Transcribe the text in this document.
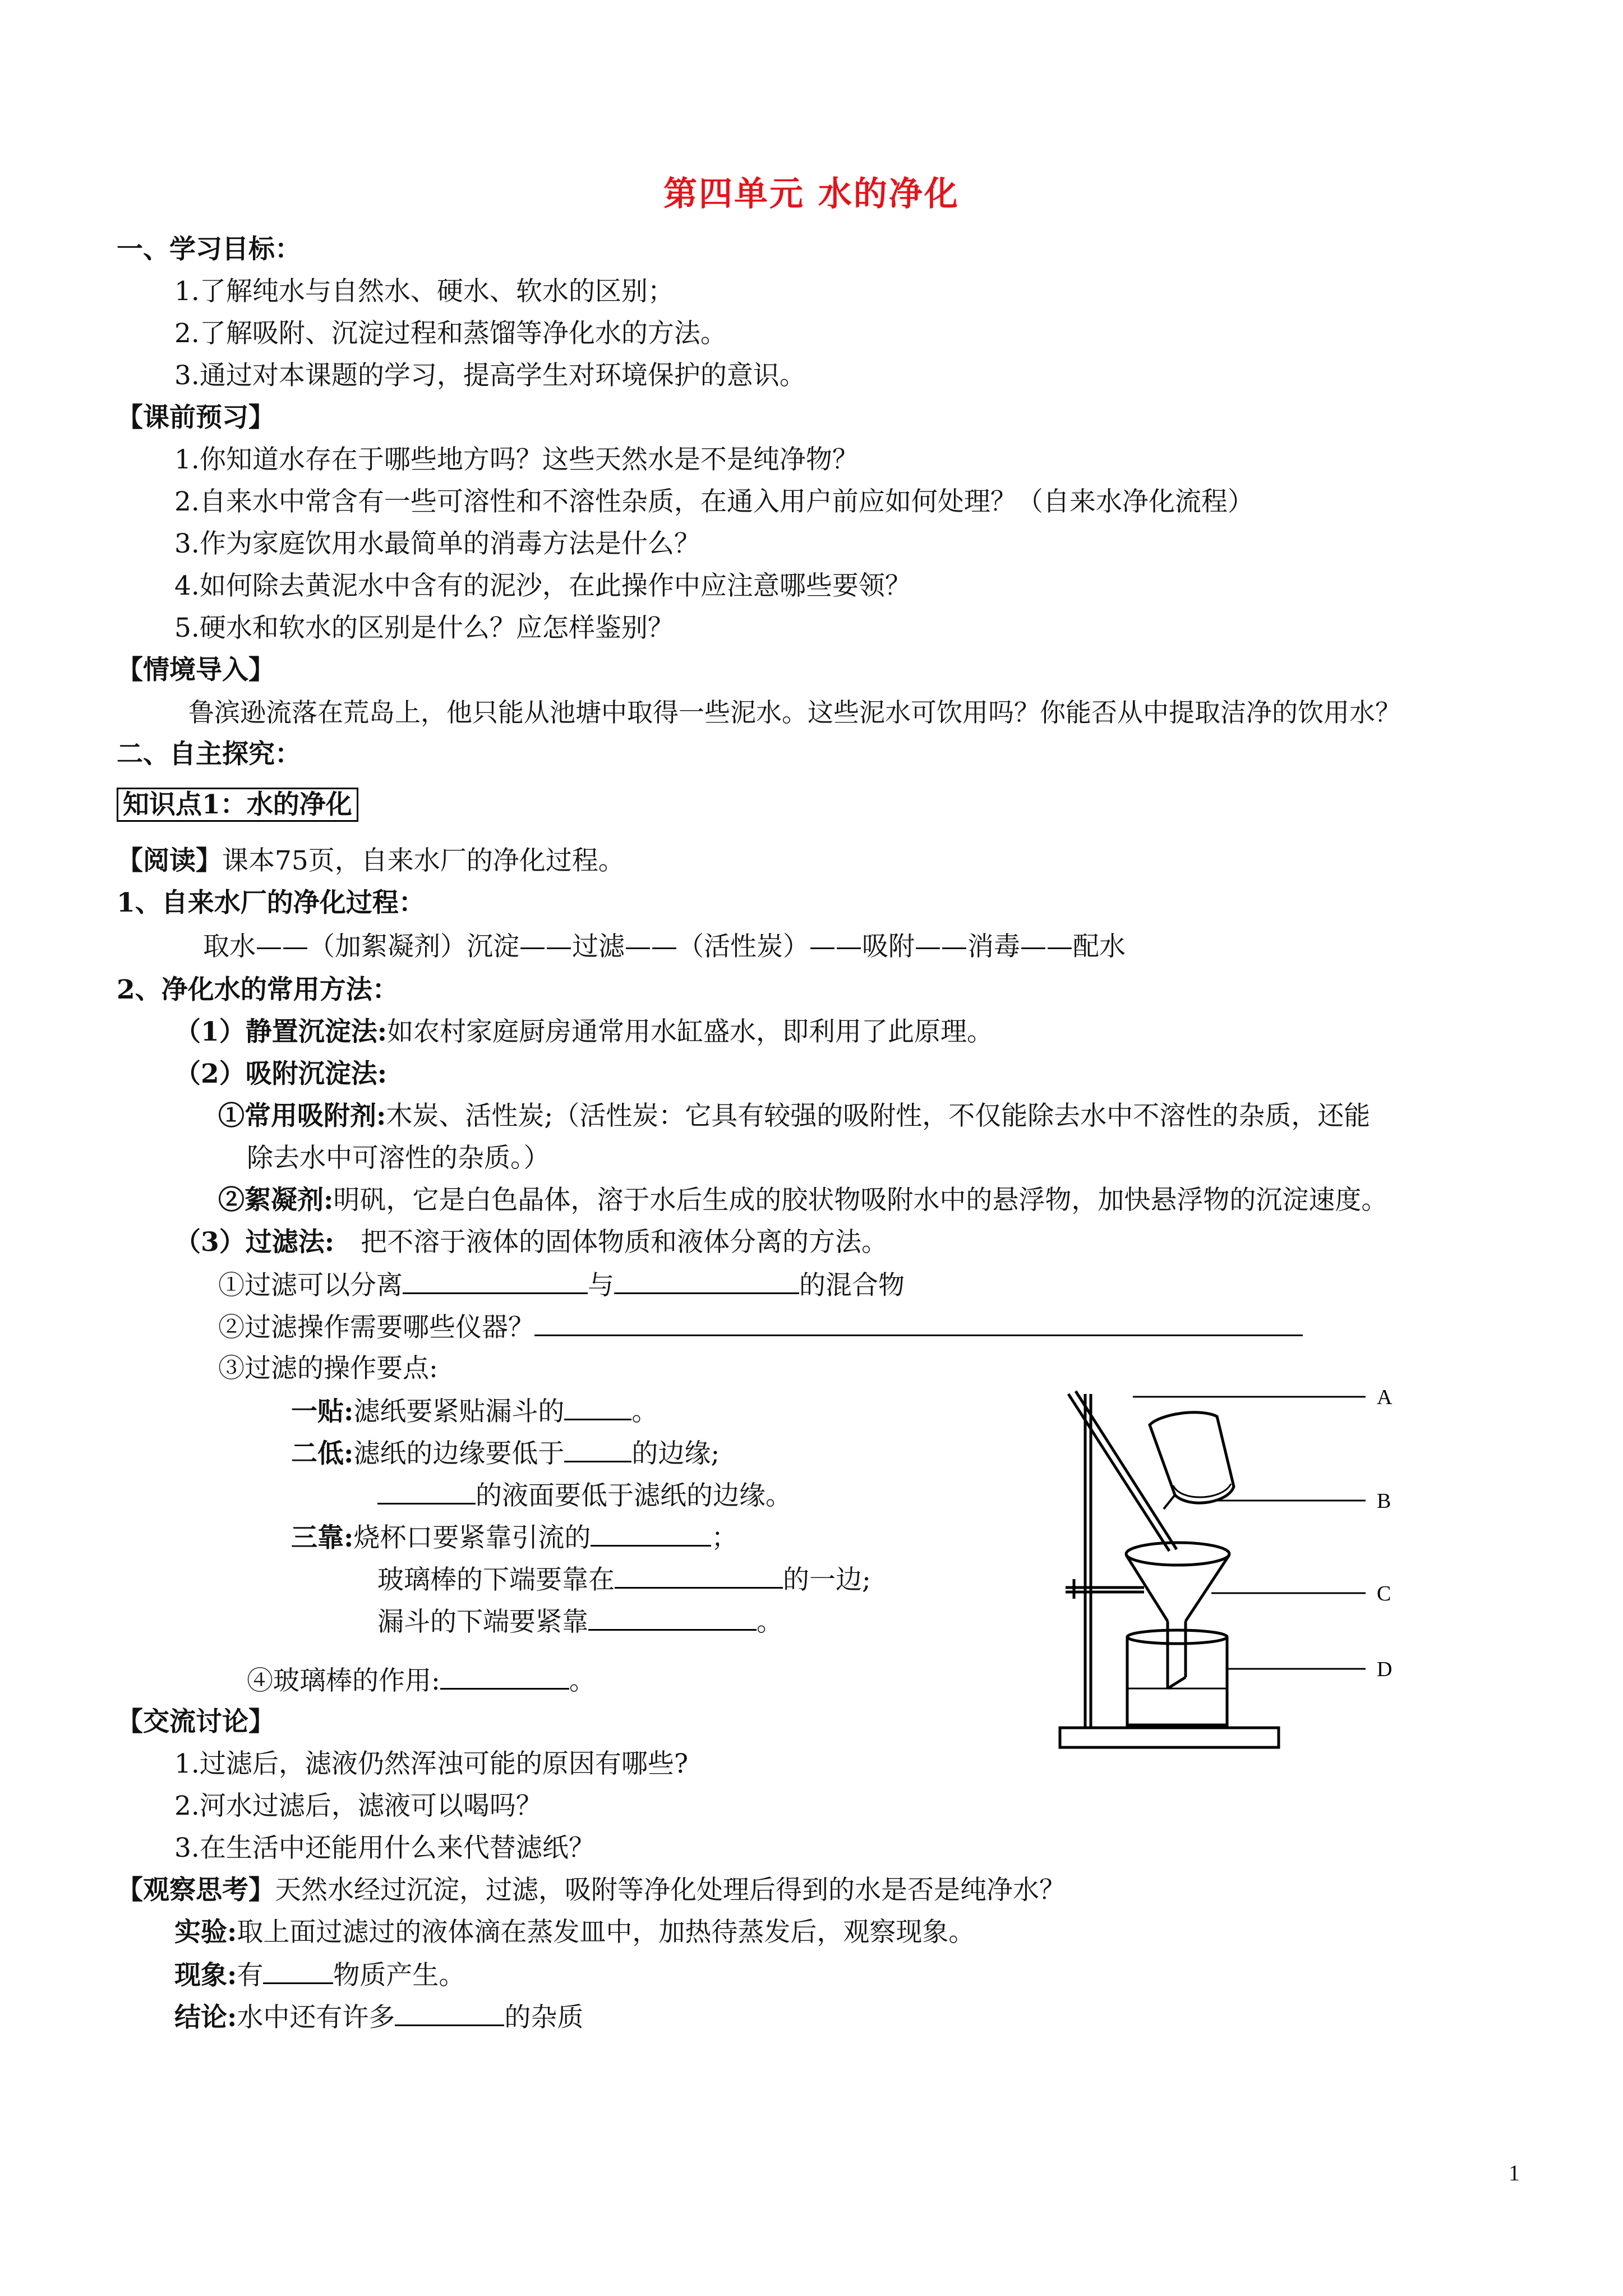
第四单元 水的净化
一、学习目标：
1.了解纯水与自然水、硬水、软水的区别；
2.了解吸附、沉淀过程和蒸馏等净化水的方法。
3.通过对本课题的学习，提高学生对环境保护的意识。
【课前预习】
1.你知道水存在于哪些地方吗？这些天然水是不是纯净物？
2.自来水中常含有一些可溶性和不溶性杂质，在通入用户前应如何处理？（自来水净化流程）
3.作为家庭饮用水最简单的消毒方法是什么？
4.如何除去黄泥水中含有的泥沙，在此操作中应注意哪些要领？
5.硬水和软水的区别是什么？应怎样鉴别？
【情境导入】
鲁滨逊流落在荒岛上，他只能从池塘中取得一些泥水。这些泥水可饮用吗？你能否从中提取洁净的饮用水？
二、自主探究：
知识点1：水的净化
【阅读】课本75页，自来水厂的净化过程。
1、自来水厂的净化过程：
取水——（加絮凝剂）沉淀——过滤——（活性炭）——吸附——消毒——配水
2、净化水的常用方法：
（1）静置沉淀法:如农村家庭厨房通常用水缸盛水，即利用了此原理。
（2）吸附沉淀法:
①常用吸附剂:木炭、活性炭;（活性炭：它具有较强的吸附性，不仅能除去水中不溶性的杂质，还能
除去水中可溶性的杂质。）
②絮凝剂:明矾，它是白色晶体，溶于水后生成的胶状物吸附水中的悬浮物，加快悬浮物的沉淀速度。
（3）过滤法:  把不溶于液体的固体物质和液体分离的方法。
①过滤可以分离	与	的混合物
②过滤操作需要哪些仪器？
③过滤的操作要点:
一贴:滤纸要紧贴漏斗的	。
二低:滤纸的边缘要低于	的边缘;
的液面要低于滤纸的边缘。
三靠:烧杯口要紧靠引流的	；
玻璃棒的下端要靠在	的一边;
漏斗的下端要紧靠	。
④玻璃棒的作用:	。
A
B
C
D
【交流讨论】
1.过滤后，滤液仍然浑浊可能的原因有哪些?
2.河水过滤后，滤液可以喝吗？
3.在生活中还能用什么来代替滤纸？
【观察思考】天然水经过沉淀，过滤，吸附等净化处理后得到的水是否是纯净水？
实验:取上面过滤过的液体滴在蒸发皿中，加热待蒸发后，观察现象。
现象:有	物质产生。
结论:水中还有许多	的杂质
1
